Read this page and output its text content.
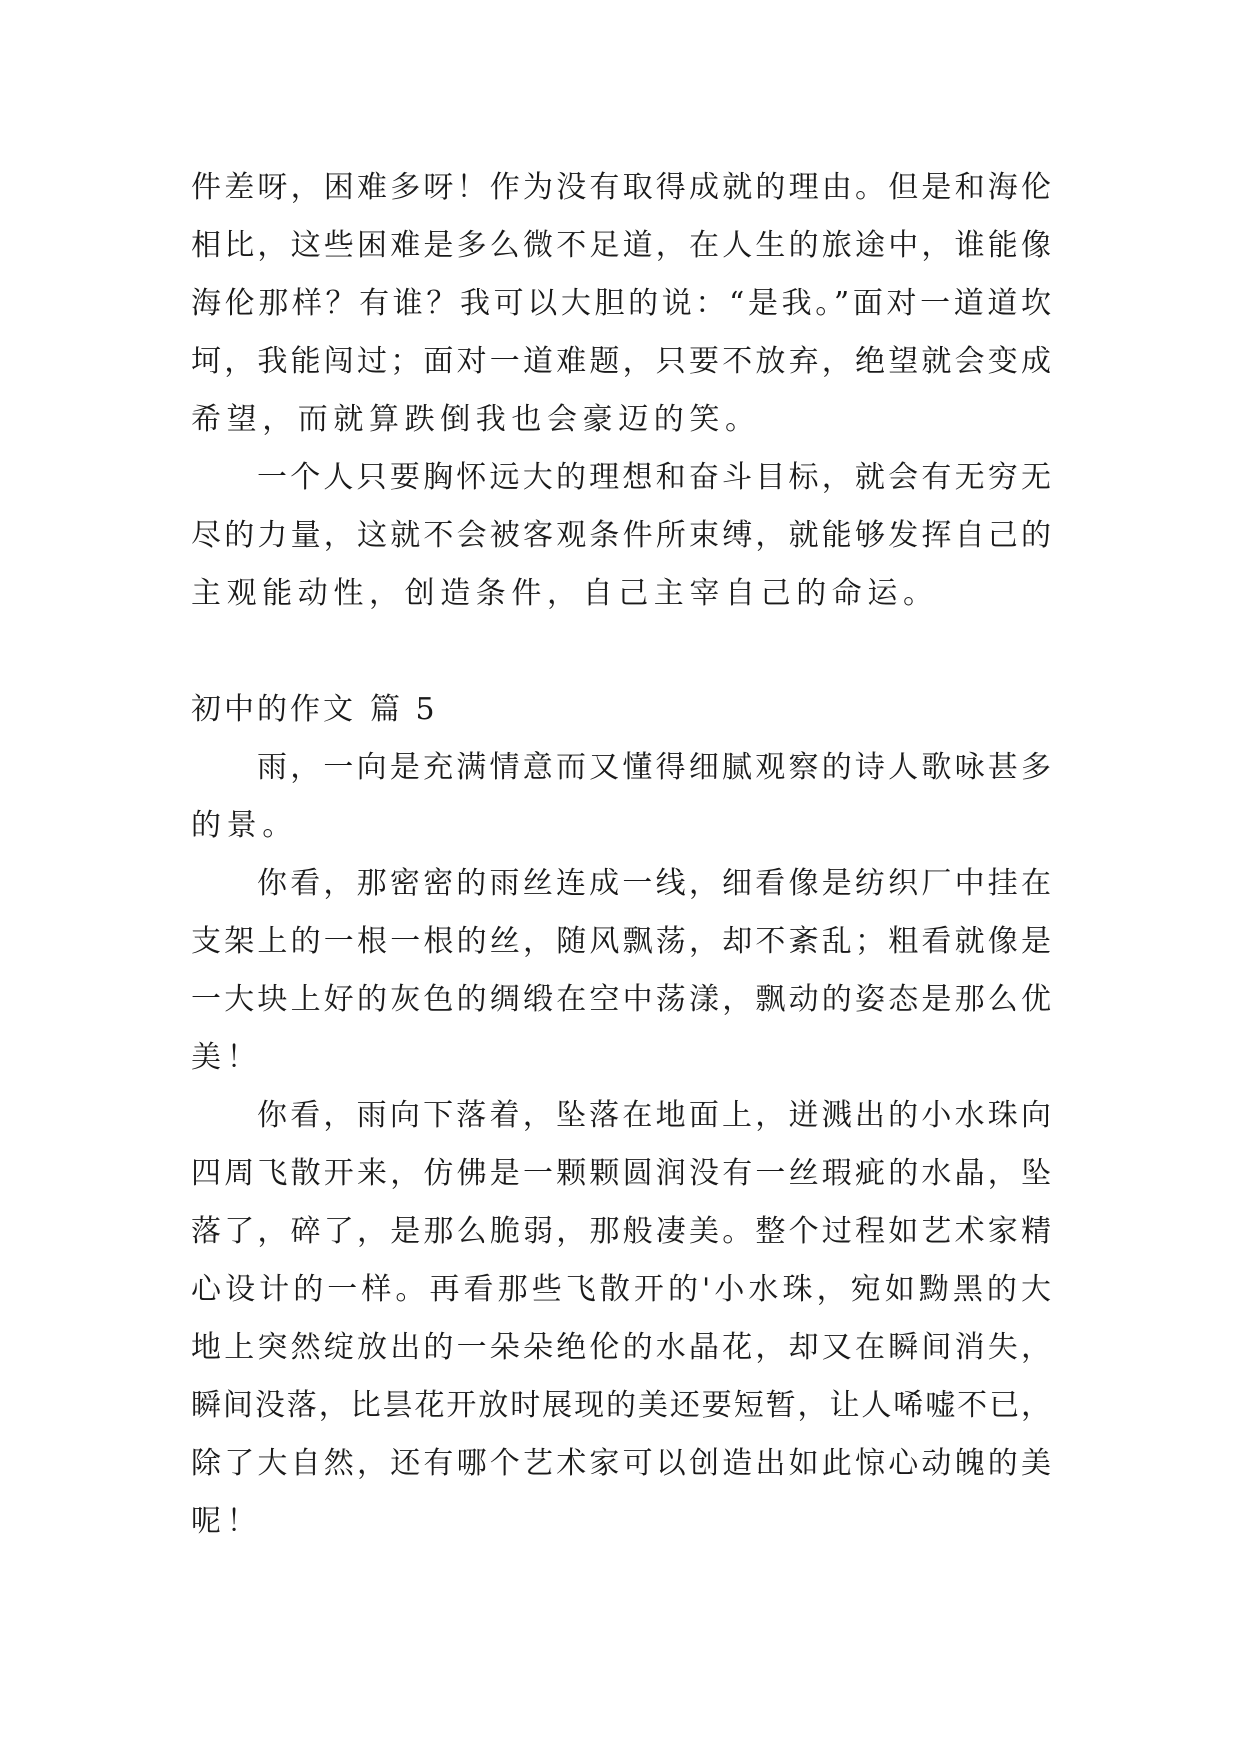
件差呀，困难多呀！作为没有取得成就的理由。但是和海伦
相比，这些困难是多么微不足道，在人生的旅途中，谁能像
海伦那样？有谁？我可以大胆的说：“是我。”面对一道道坎
坷，我能闯过；面对一道难题，只要不放弃，绝望就会变成
希望，而就算跌倒我也会豪迈的笑。
一个人只要胸怀远大的理想和奋斗目标，就会有无穷无
尽的力量，这就不会被客观条件所束缚，就能够发挥自己的
主观能动性，创造条件，自己主宰自己的命运。
初中的作文 篇 5
雨，一向是充满情意而又懂得细腻观察的诗人歌咏甚多
的景。
你看，那密密的雨丝连成一线，细看像是纺织厂中挂在
支架上的一根一根的丝，随风飘荡，却不紊乱；粗看就像是
一大块上好的灰色的绸缎在空中荡漾，飘动的姿态是那么优
美！
你看，雨向下落着，坠落在地面上，迸溅出的小水珠向
四周飞散开来，仿佛是一颗颗圆润没有一丝瑕疵的水晶，坠
落了，碎了，是那么脆弱，那般凄美。整个过程如艺术家精
心设计的一样。再看那些飞散开的'小水珠，宛如黝黑的大
地上突然绽放出的一朵朵绝伦的水晶花，却又在瞬间消失，
瞬间没落，比昙花开放时展现的美还要短暂，让人唏嘘不已，
除了大自然，还有哪个艺术家可以创造出如此惊心动魄的美
呢！
